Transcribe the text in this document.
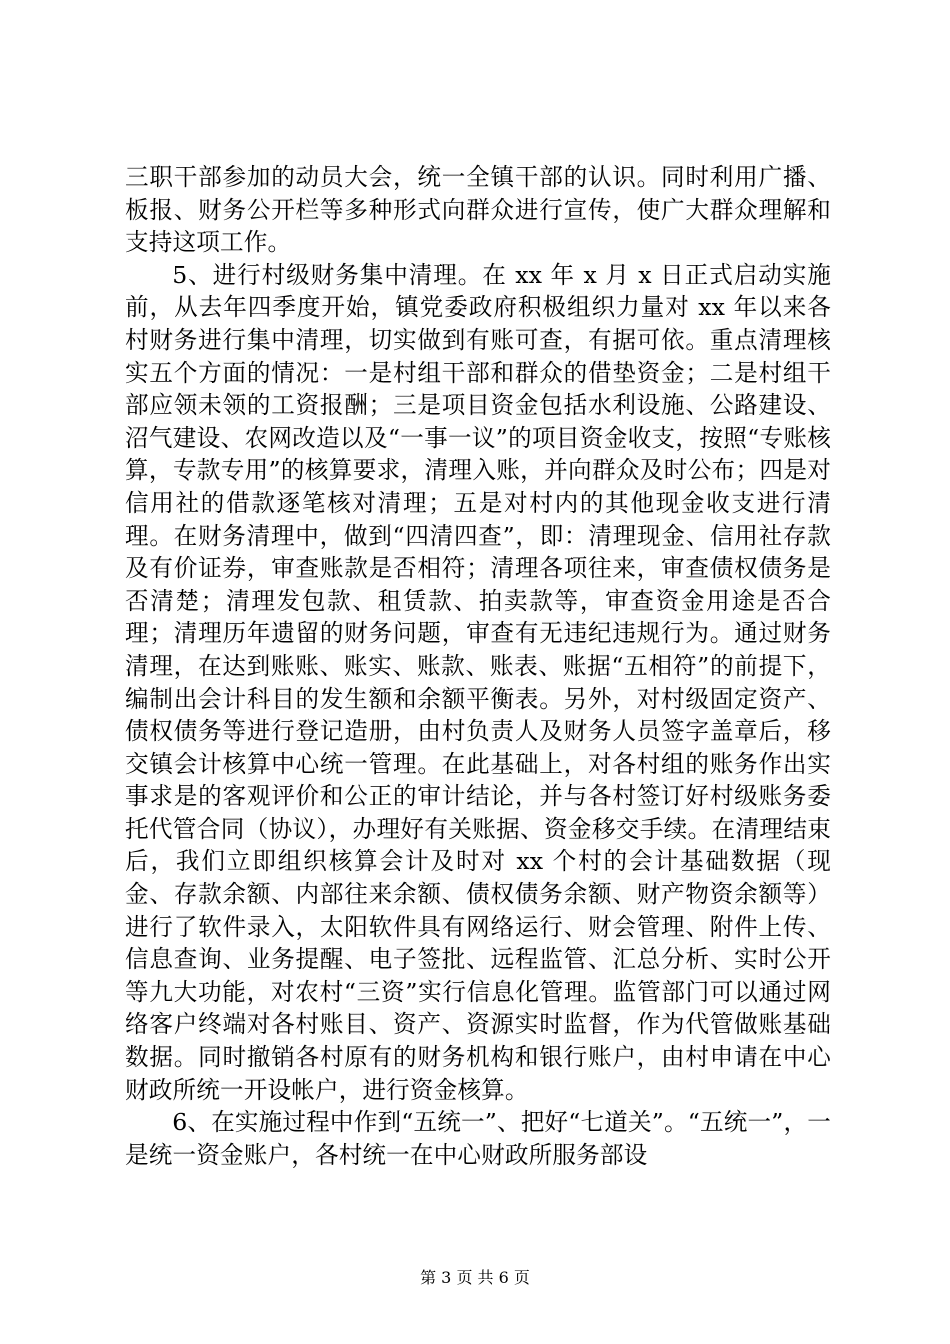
三职干部参加的动员大会，统一全镇干部的认识。同时利用广播、板报、财务公开栏等多种形式向群众进行宣传，使广大群众理解和支持这项工作。

5、进行村级财务集中清理。在 xx 年 x 月 x 日正式启动实施前，从去年四季度开始，镇党委政府积极组织力量对 xx 年以来各村财务进行集中清理，切实做到有账可查，有据可依。重点清理核实五个方面的情况：一是村组干部和群众的借垫资金；二是村组干部应领未领的工资报酬；三是项目资金包括水利设施、公路建设、沼气建设、农网改造以及“一事一议”的项目资金收支，按照“专账核算，专款专用”的核算要求，清理入账，并向群众及时公布；四是对信用社的借款逐笔核对清理；五是对村内的其他现金收支进行清理。在财务清理中，做到“四清四查”，即：清理现金、信用社存款及有价证券，审查账款是否相符；清理各项往来，审查债权债务是否清楚；清理发包款、租赁款、拍卖款等，审查资金用途是否合理；清理历年遗留的财务问题，审查有无违纪违规行为。通过财务清理，在达到账账、账实、账款、账表、账据“五相符”的前提下，编制出会计科目的发生额和余额平衡表。另外，对村级固定资产、债权债务等进行登记造册，由村负责人及财务人员签字盖章后，移交镇会计核算中心统一管理。在此基础上，对各村组的账务作出实事求是的客观评价和公正的审计结论，并与各村签订好村级账务委托代管合同（协议），办理好有关账据、资金移交手续。在清理结束后，我们立即组织核算会计及时对 xx 个村的会计基础数据（现金、存款余额、内部往来余额、债权债务余额、财产物资余额等）进行了软件录入，太阳软件具有网络运行、财会管理、附件上传、信息查询、业务提醒、电子签批、远程监管、汇总分析、实时公开等九大功能，对农村“三资”实行信息化管理。监管部门可以通过网络客户终端对各村账目、资产、资源实时监督，作为代管做账基础数据。同时撤销各村原有的财务机构和银行账户，由村申请在中心财政所统一开设帐户，进行资金核算。

6、在实施过程中作到“五统一”、把好“七道关”。“五统一”，一是统一资金账户，各村统一在中心财政所服务部设

第 3 页 共 6 页
